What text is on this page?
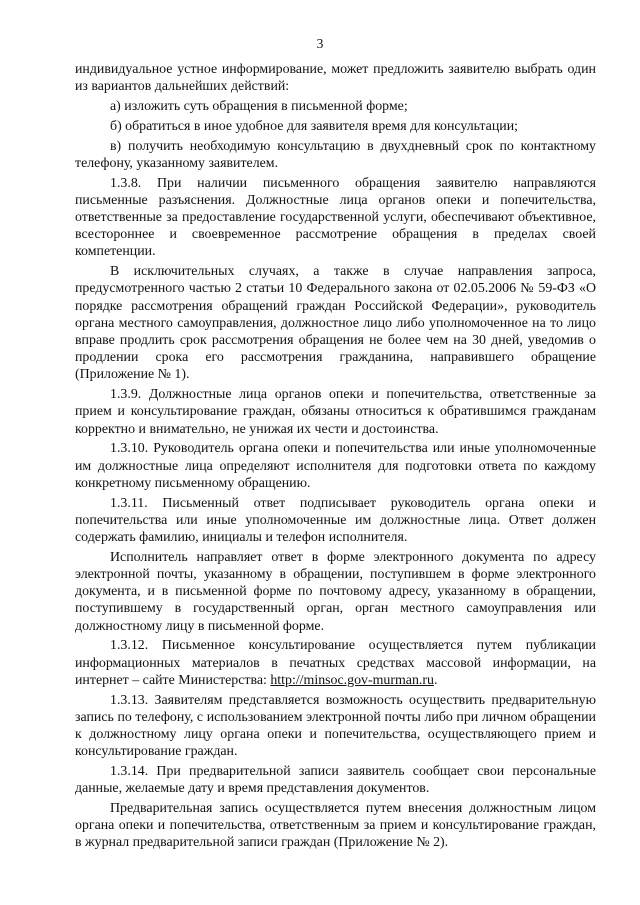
3

индивидуальное устное информирование, может предложить заявителю выбрать один из вариантов дальнейших действий:

а) изложить суть обращения в письменной форме;

б) обратиться в иное удобное для заявителя время для консультации;

в) получить необходимую консультацию в двухдневный срок по контактному телефону, указанному заявителем.

1.3.8. При наличии письменного обращения заявителю направляются письменные разъяснения. Должностные лица органов опеки и попечительства, ответственные за предоставление государственной услуги, обеспечивают объективное, всестороннее и своевременное рассмотрение обращения в пределах своей компетенции.

В исключительных случаях, а также в случае направления запроса, предусмотренного частью 2 статьи 10 Федерального закона от 02.05.2006 № 59-ФЗ «О порядке рассмотрения обращений граждан Российской Федерации», руководитель органа местного самоуправления, должностное лицо либо уполномоченное на то лицо вправе продлить срок рассмотрения обращения не более чем на 30 дней, уведомив о продлении срока его рассмотрения гражданина, направившего обращение (Приложение № 1).

1.3.9. Должностные лица органов опеки и попечительства, ответственные за прием и консультирование граждан, обязаны относиться к обратившимся гражданам корректно и внимательно, не унижая их чести и достоинства.

1.3.10. Руководитель органа опеки и попечительства или иные уполномоченные им должностные лица определяют исполнителя для подготовки ответа по каждому конкретному письменному обращению.

1.3.11. Письменный ответ подписывает руководитель органа опеки и попечительства или иные уполномоченные им должностные лица. Ответ должен содержать фамилию, инициалы и телефон исполнителя.

Исполнитель направляет ответ в форме электронного документа по адресу электронной почты, указанному в обращении, поступившем в форме электронного документа, и в письменной форме по почтовому адресу, указанному в обращении, поступившему в государственный орган, орган местного самоуправления или должностному лицу в письменной форме.

1.3.12. Письменное консультирование осуществляется путем публикации информационных материалов в печатных средствах массовой информации, на интернет – сайте Министерства: http://minsoc.gov-murman.ru.

1.3.13. Заявителям представляется возможность осуществить предварительную запись по телефону, с использованием электронной почты либо при личном обращении к должностному лицу органа опеки и попечительства, осуществляющего прием и консультирование граждан.

1.3.14. При предварительной записи заявитель сообщает свои персональные данные, желаемые дату и время представления документов.

Предварительная запись осуществляется путем внесения должностным лицом органа опеки и попечительства, ответственным за прием и консультирование граждан, в журнал предварительной записи граждан (Приложение № 2).
